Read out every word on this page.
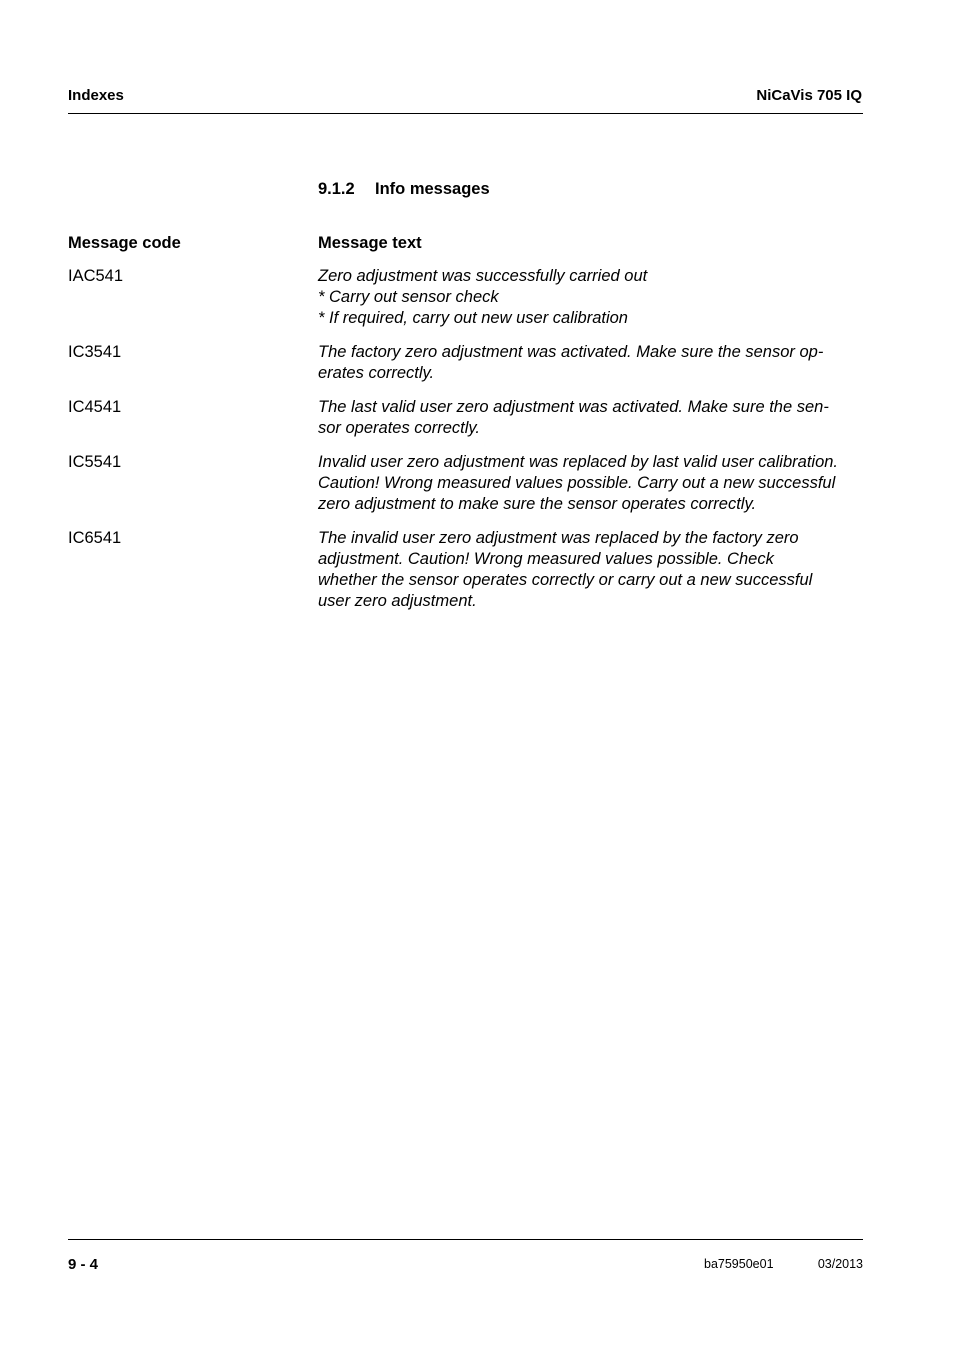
Indexes	NiCaVis 705 IQ
9.1.2 Info messages
Message code	Message text
IAC541	Zero adjustment was successfully carried out
* Carry out sensor check
* If required, carry out new user calibration
IC3541	The factory zero adjustment was activated. Make sure the sensor op-
erates correctly.
IC4541	The last valid user zero adjustment was activated. Make sure the sen-
sor operates correctly.
IC5541	Invalid user zero adjustment was replaced by last valid user calibration.
Caution! Wrong measured values possible. Carry out a new successful
zero adjustment to make sure the sensor operates correctly.
IC6541	The invalid user zero adjustment was replaced by the factory zero
adjustment. Caution! Wrong measured values possible. Check
whether the sensor operates correctly or carry out a new successful
user zero adjustment.
9 - 4	ba75950e01	03/2013
